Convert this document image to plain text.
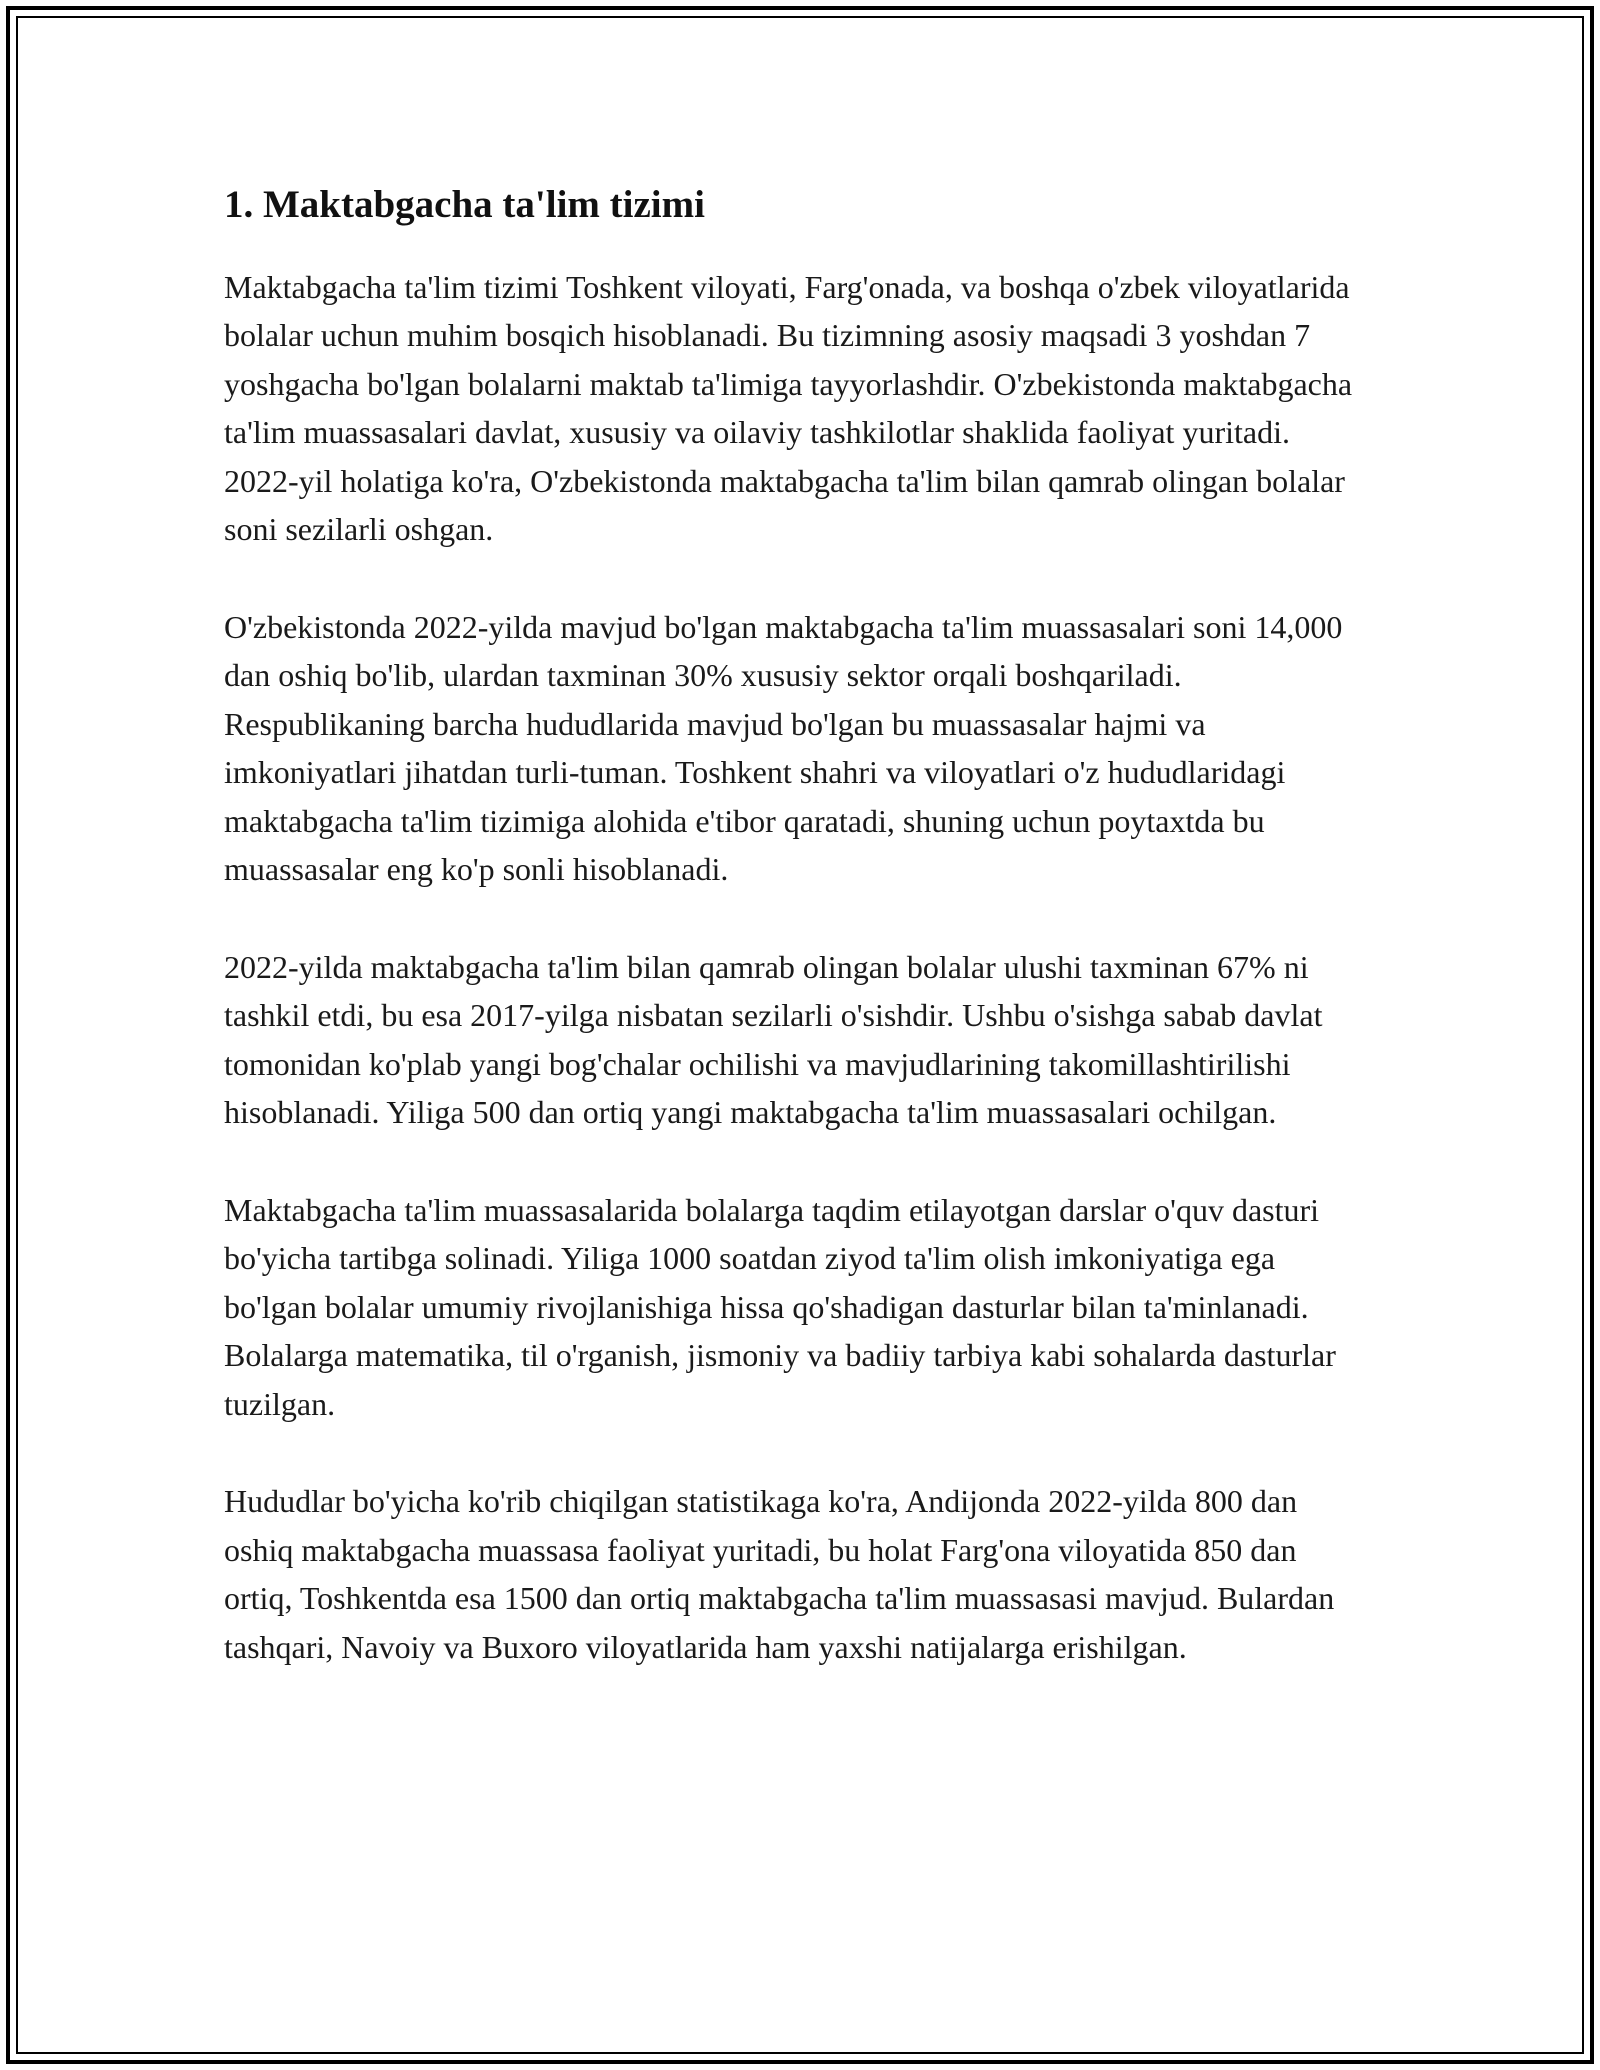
1. Maktabgacha ta'lim tizimi

Maktabgacha ta'lim tizimi Toshkent viloyati, Farg'onada, va boshqa o'zbek viloyatlarida bolalar uchun muhim bosqich hisoblanadi. Bu tizimning asosiy maqsadi 3 yoshdan 7 yoshgacha bo'lgan bolalarni maktab ta'limiga tayyorlashdir. O'zbekistonda maktabgacha ta'lim muassasalari davlat, xususiy va oilaviy tashkilotlar shaklida faoliyat yuritadi. 2022-yil holatiga ko'ra, O'zbekistonda maktabgacha ta'lim bilan qamrab olingan bolalar soni sezilarli oshgan.

O'zbekistonda 2022-yilda mavjud bo'lgan maktabgacha ta'lim muassasalari soni 14,000 dan oshiq bo'lib, ulardan taxminan 30% xususiy sektor orqali boshqariladi. Respublikaning barcha hududlarida mavjud bo'lgan bu muassasalar hajmi va imkoniyatlari jihatdan turli-tuman. Toshkent shahri va viloyatlari o'z hududlaridagi maktabgacha ta'lim tizimiga alohida e'tibor qaratadi, shuning uchun poytaxtda bu muassasalar eng ko'p sonli hisoblanadi.

2022-yilda maktabgacha ta'lim bilan qamrab olingan bolalar ulushi taxminan 67% ni tashkil etdi, bu esa 2017-yilga nisbatan sezilarli o'sishdir. Ushbu o'sishga sabab davlat tomonidan ko'plab yangi bog'chalar ochilishi va mavjudlarining takomillashtirilishi hisoblanadi. Yiliga 500 dan ortiq yangi maktabgacha ta'lim muassasalari ochilgan.

Maktabgacha ta'lim muassasalarida bolalarga taqdim etilayotgan darslar o'quv dasturi bo'yicha tartibga solinadi. Yiliga 1000 soatdan ziyod ta'lim olish imkoniyatiga ega bo'lgan bolalar umumiy rivojlanishiga hissa qo'shadigan dasturlar bilan ta'minlanadi. Bolalarga matematika, til o'rganish, jismoniy va badiiy tarbiya kabi sohalarda dasturlar tuzilgan.

Hududlar bo'yicha ko'rib chiqilgan statistikaga ko'ra, Andijonda 2022-yilda 800 dan oshiq maktabgacha muassasa faoliyat yuritadi, bu holat Farg'ona viloyatida 850 dan ortiq, Toshkentda esa 1500 dan ortiq maktabgacha ta'lim muassasasi mavjud. Bulardan tashqari, Navoiy va Buxoro viloyatlarida ham yaxshi natijalarga erishilgan.
